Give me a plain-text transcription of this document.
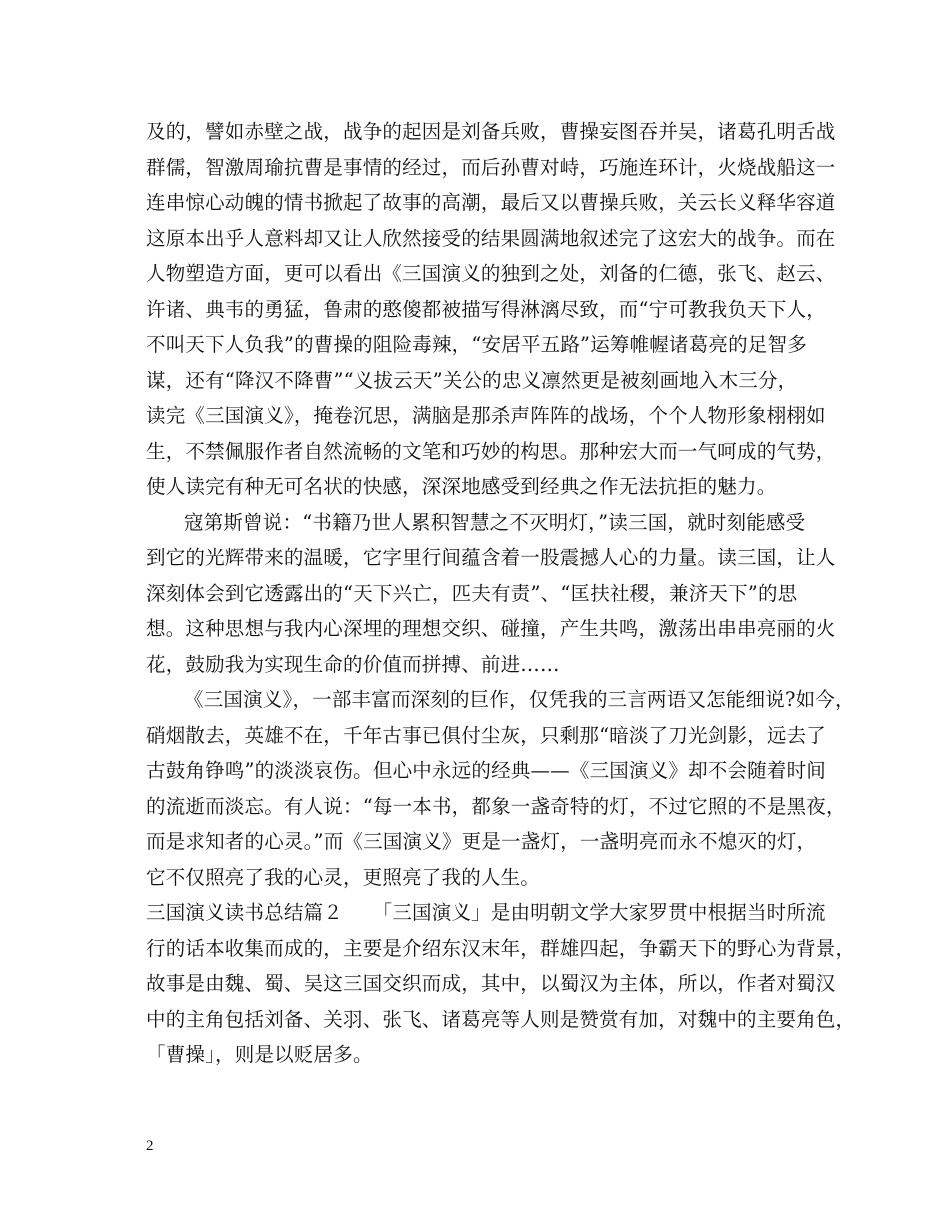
及的，譬如赤壁之战，战争的起因是刘备兵败，曹操妄图吞并吴，诸葛孔明舌战
群儒，智激周瑜抗曹是事情的经过，而后孙曹对峙，巧施连环计，火烧战船这一
连串惊心动魄的情书掀起了故事的高潮，最后又以曹操兵败，关云长义释华容道
这原本出乎人意料却又让人欣然接受的结果圆满地叙述完了这宏大的战争。而在
人物塑造方面，更可以看出《三国演义的独到之处，刘备的仁德，张飞、赵云、
许诸、典韦的勇猛，鲁肃的憨傻都被描写得淋漓尽致，而“宁可教我负天下人，
不叫天下人负我”的曹操的阻险毒辣，“安居平五路”运筹帷幄诸葛亮的足智多
谋，还有“降汉不降曹”“义拔云天”关公的忠义凛然更是被刻画地入木三分，
读完《三国演义》，掩卷沉思，满脑是那杀声阵阵的战场，个个人物形象栩栩如
生，不禁佩服作者自然流畅的文笔和巧妙的构思。那种宏大而一气呵成的气势，
使人读完有种无可名状的快感，深深地感受到经典之作无法抗拒的魅力。
寇第斯曾说：“书籍乃世人累积智慧之不灭明灯，”读三国，就时刻能感受
到它的光辉带来的温暖，它字里行间蕴含着一股震撼人心的力量。读三国，让人
深刻体会到它透露出的“天下兴亡，匹夫有责”、“匡扶社稷，兼济天下”的思
想。这种思想与我内心深埋的理想交织、碰撞，产生共鸣，激荡出串串亮丽的火
花，鼓励我为实现生命的价值而拼搏、前进……
《三国演义》，一部丰富而深刻的巨作，仅凭我的三言两语又怎能细说?如今，
硝烟散去，英雄不在，千年古事已俱付尘灰，只剩那“暗淡了刀光剑影，远去了
古鼓角铮鸣”的淡淡哀伤。但心中永远的经典——《三国演义》却不会随着时间
的流逝而淡忘。有人说：“每一本书，都象一盏奇特的灯，不过它照的不是黑夜，
而是求知者的心灵。”而《三国演义》更是一盏灯，一盏明亮而永不熄灭的灯，
它不仅照亮了我的心灵，更照亮了我的人生。
三国演义读书总结篇２　　「三国演义」是由明朝文学大家罗贯中根据当时所流
行的话本收集而成的，主要是介绍东汉末年，群雄四起，争霸天下的野心为背景，
故事是由魏、蜀、吴这三国交织而成，其中，以蜀汉为主体，所以，作者对蜀汉
中的主角包括刘备、关羽、张飞、诸葛亮等人则是赞赏有加，对魏中的主要角色，
「曹操」，则是以贬居多。
2
